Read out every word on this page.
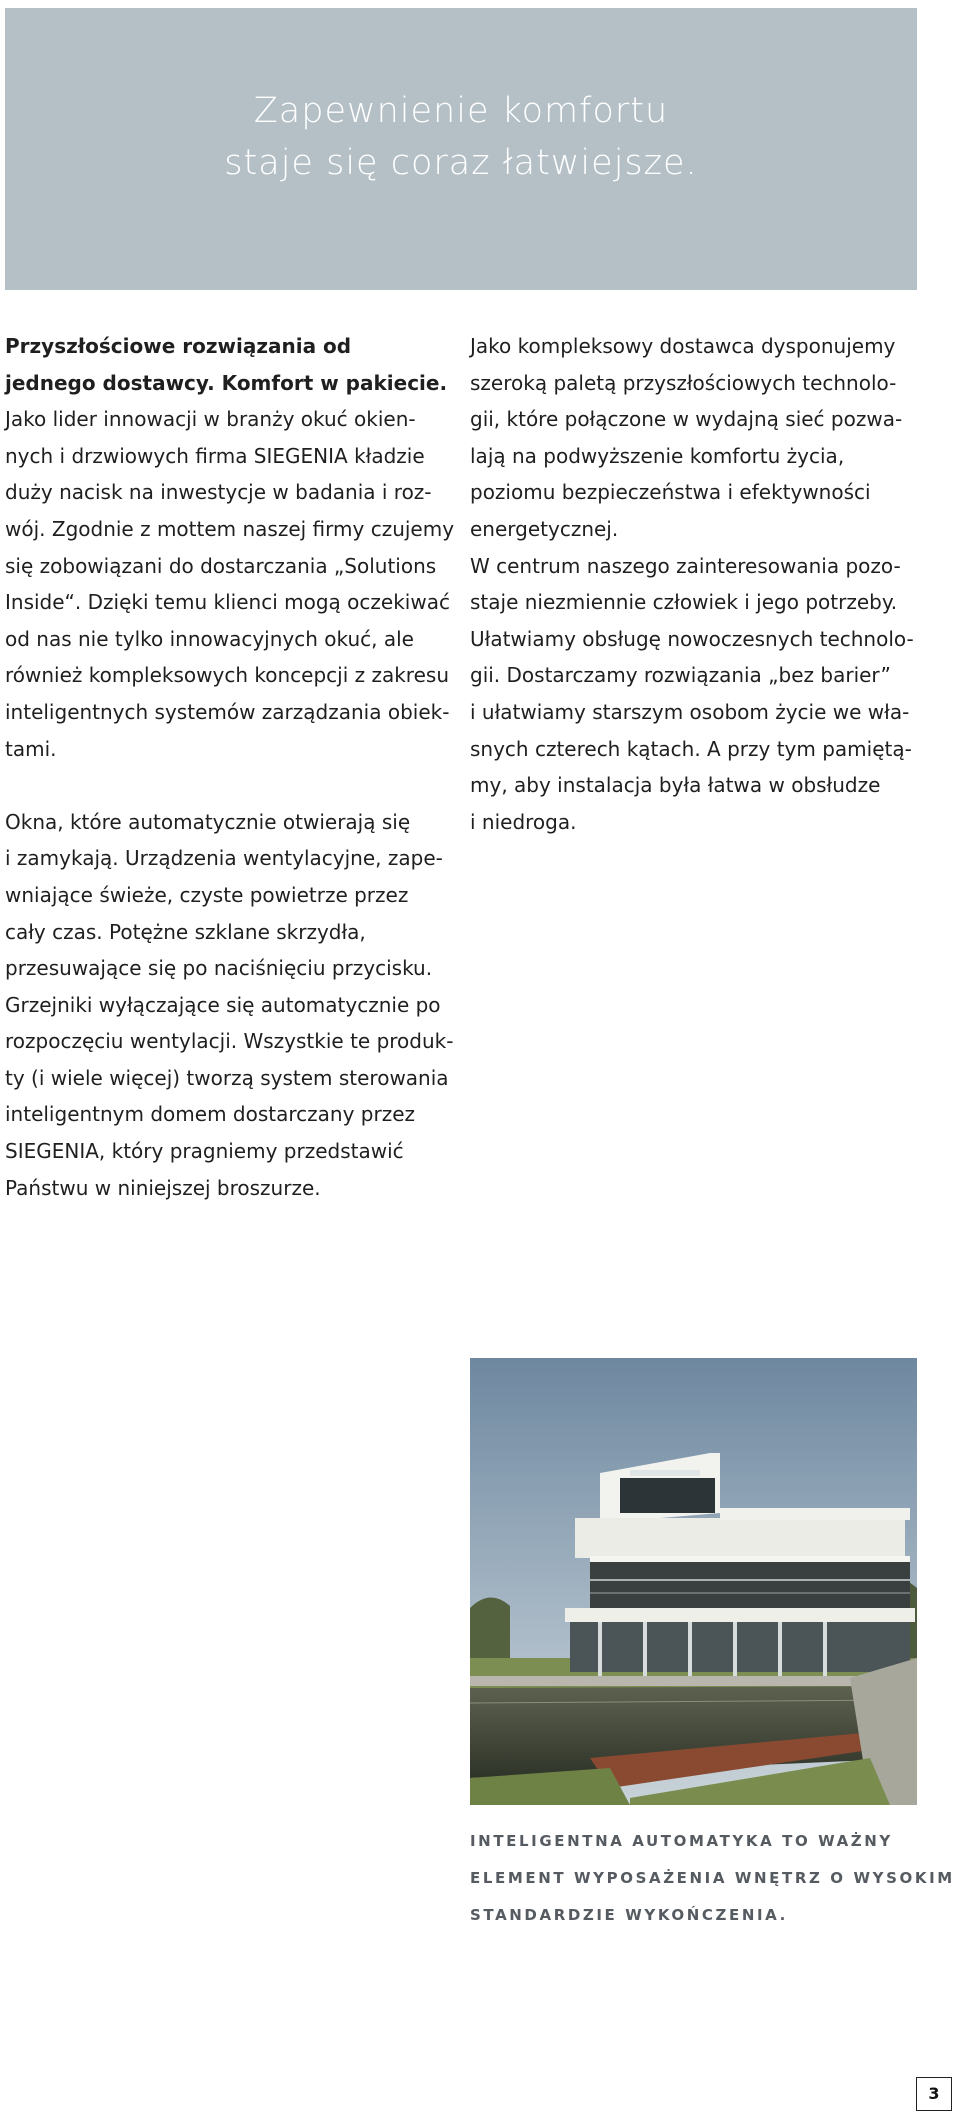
Zapewnienie komfortu
staje się coraz łatwiejsze.
Przyszłościowe rozwiązania od
jednego dostawcy. Komfort w pakiecie.
Jako lider innowacji w branży okuć okien-
nych i drzwiowych firma SIEGENIA kładzie
duży nacisk na inwestycje w badania i roz-
wój. Zgodnie z mottem naszej firmy czujemy
się zobowiązani do dostarczania „Solutions
Inside“. Dzięki temu klienci mogą oczekiwać
od nas nie tylko innowacyjnych okuć, ale
również kompleksowych koncepcji z zakresu
inteligentnych systemów zarządzania obiek-
tami.
Okna, które automatycznie otwierają się
i zamykają. Urządzenia wentylacyjne, zape-
wniające świeże, czyste powietrze przez
cały czas. Potężne szklane skrzydła,
przesuwające się po naciśnięciu przycisku.
Grzejniki wyłączające się automatycznie po
rozpoczęciu wentylacji. Wszystkie te produk-
ty (i wiele więcej) tworzą system sterowania
inteligentnym domem dostarczany przez
SIEGENIA, który pragniemy przedstawić
Państwu w niniejszej broszurze.
Jako kompleksowy dostawca dysponujemy
szeroką paletą przyszłościowych technolo-
gii, które połączone w wydajną sieć pozwa-
lają na podwyższenie komfortu życia,
poziomu bezpieczeństwa i efektywności
energetycznej.
W centrum naszego zainteresowania pozo-
staje niezmiennie człowiek i jego potrzeby.
Ułatwiamy obsługę nowoczesnych technolo-
gii. Dostarczamy rozwiązania „bez barier”
i ułatwiamy starszym osobom życie we wła-
snych czterech kątach. A przy tym pamiętą-
my, aby instalacja była łatwa w obsłudze
i niedroga.
INTELIGENTNA AUTOMATYKA TO WAŻNY
ELEMENT WYPOSAŻENIA WNĘTRZ O WYSOKIM
STANDARDZIE WYKOŃCZENIA.
3
